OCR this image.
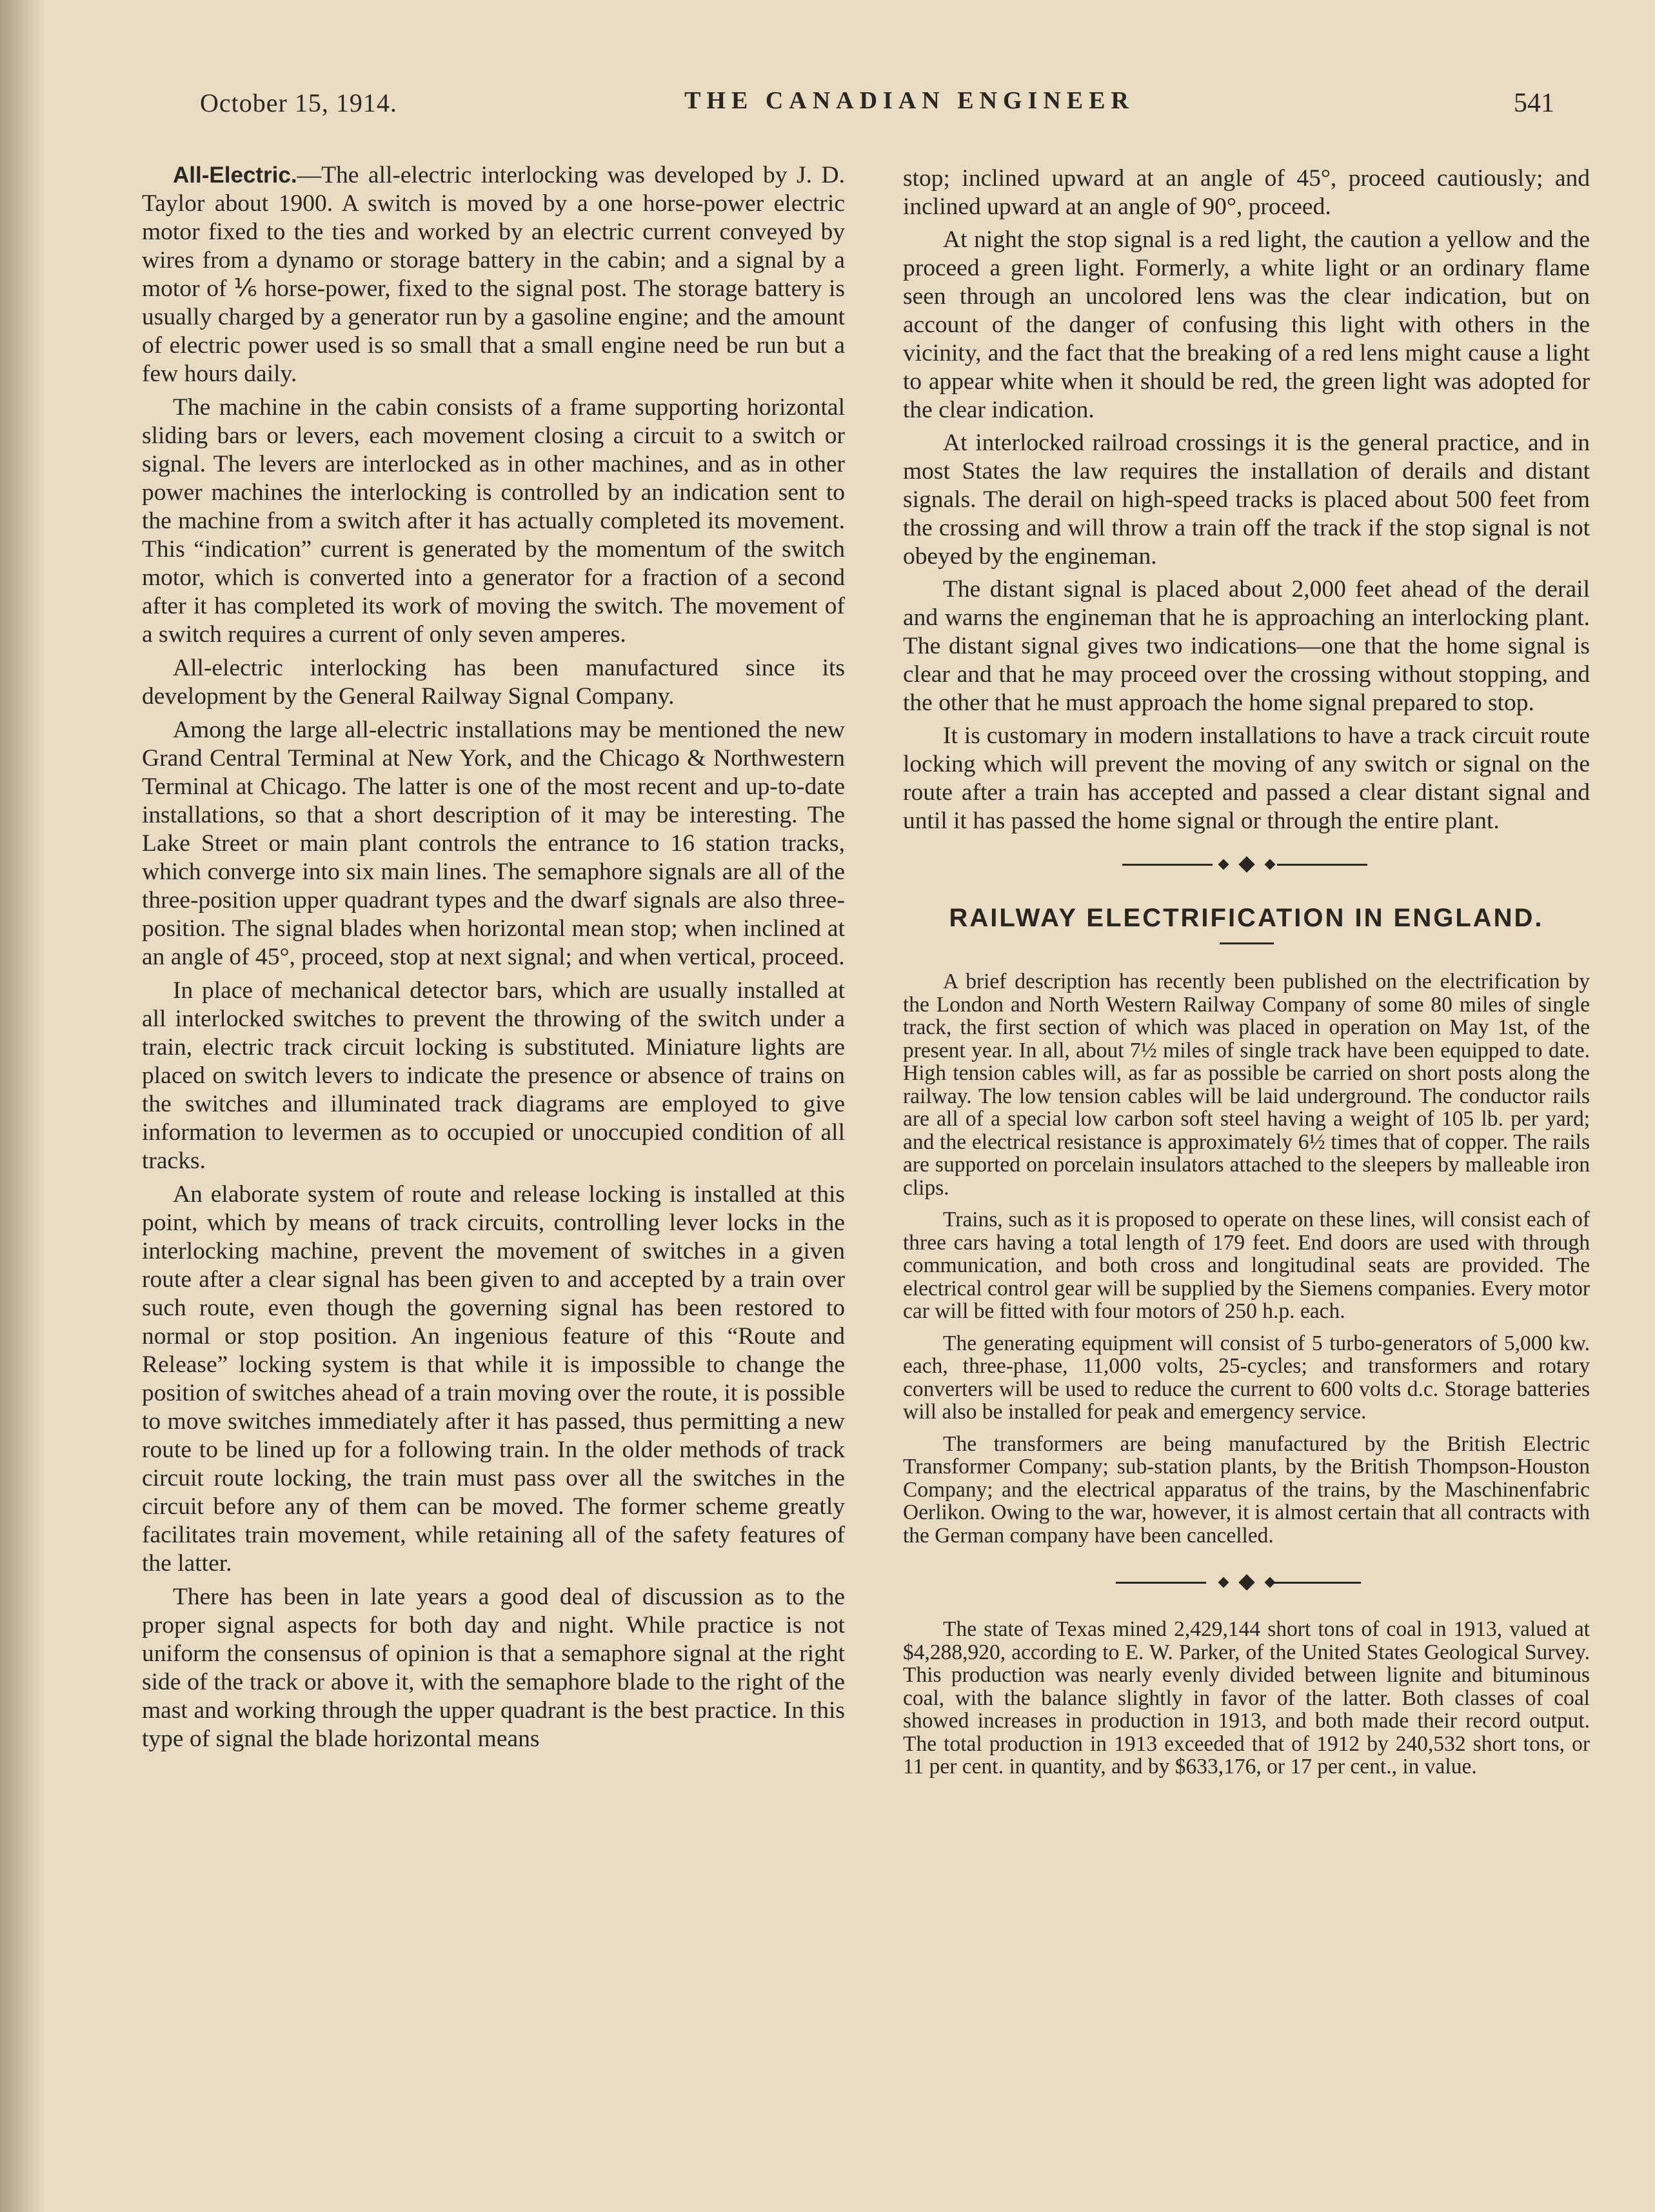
October 15, 1914.	THE CANADIAN ENGINEER	541

All-Electric.—The all-electric interlocking was developed by J. D. Taylor about 1900. A switch is moved by a one horse-power electric motor fixed to the ties and worked by an electric current conveyed by wires from a dynamo or storage battery in the cabin; and a signal by a motor of ⅙ horse-power, fixed to the signal post. The storage battery is usually charged by a generator run by a gasoline engine; and the amount of electric power used is so small that a small engine need be run but a few hours daily.

The machine in the cabin consists of a frame supporting horizontal sliding bars or levers, each movement closing a circuit to a switch or signal. The levers are interlocked as in other machines, and as in other power machines the interlocking is controlled by an indication sent to the machine from a switch after it has actually completed its movement. This “indication” current is generated by the momentum of the switch motor, which is converted into a generator for a fraction of a second after it has completed its work of moving the switch. The movement of a switch requires a current of only seven amperes.

All-electric interlocking has been manufactured since its development by the General Railway Signal Company.

Among the large all-electric installations may be mentioned the new Grand Central Terminal at New York, and the Chicago & Northwestern Terminal at Chicago. The latter is one of the most recent and up-to-date installations, so that a short description of it may be interesting. The Lake Street or main plant controls the entrance to 16 station tracks, which converge into six main lines. The semaphore signals are all of the three-position upper quadrant types and the dwarf signals are also three-position. The signal blades when horizontal mean stop; when inclined at an angle of 45°, proceed, stop at next signal; and when vertical, proceed.

In place of mechanical detector bars, which are usually installed at all interlocked switches to prevent the throwing of the switch under a train, electric track circuit locking is substituted. Miniature lights are placed on switch levers to indicate the presence or absence of trains on the switches and illuminated track diagrams are employed to give information to levermen as to occupied or unoccupied condition of all tracks.

An elaborate system of route and release locking is installed at this point, which by means of track circuits, controlling lever locks in the interlocking machine, prevent the movement of switches in a given route after a clear signal has been given to and accepted by a train over such route, even though the governing signal has been restored to normal or stop position. An ingenious feature of this “Route and Release” locking system is that while it is impossible to change the position of switches ahead of a train moving over the route, it is possible to move switches immediately after it has passed, thus permitting a new route to be lined up for a following train. In the older methods of track circuit route locking, the train must pass over all the switches in the circuit before any of them can be moved. The former scheme greatly facilitates train movement, while retaining all of the safety features of the latter.

There has been in late years a good deal of discussion as to the proper signal aspects for both day and night. While practice is not uniform the consensus of opinion is that a semaphore signal at the right side of the track or above it, with the semaphore blade to the right of the mast and working through the upper quadrant is the best practice. In this type of signal the blade horizontal means

stop; inclined upward at an angle of 45°, proceed cautiously; and inclined upward at an angle of 90°, proceed.

At night the stop signal is a red light, the caution a yellow and the proceed a green light. Formerly, a white light or an ordinary flame seen through an uncolored lens was the clear indication, but on account of the danger of confusing this light with others in the vicinity, and the fact that the breaking of a red lens might cause a light to appear white when it should be red, the green light was adopted for the clear indication.

At interlocked railroad crossings it is the general practice, and in most States the law requires the installation of derails and distant signals. The derail on high-speed tracks is placed about 500 feet from the crossing and will throw a train off the track if the stop signal is not obeyed by the engineman.

The distant signal is placed about 2,000 feet ahead of the derail and warns the engineman that he is approaching an interlocking plant. The distant signal gives two indications—one that the home signal is clear and that he may proceed over the crossing without stopping, and the other that he must approach the home signal prepared to stop.

It is customary in modern installations to have a track circuit route locking which will prevent the moving of any switch or signal on the route after a train has accepted and passed a clear distant signal and until it has passed the home signal or through the entire plant.

RAILWAY ELECTRIFICATION IN ENGLAND.

A brief description has recently been published on the electrification by the London and North Western Railway Company of some 80 miles of single track, the first section of which was placed in operation on May 1st, of the present year. In all, about 7½ miles of single track have been equipped to date. High tension cables will, as far as possible be carried on short posts along the railway. The low tension cables will be laid underground. The conductor rails are all of a special low carbon soft steel having a weight of 105 lb. per yard; and the electrical resistance is approximately 6½ times that of copper. The rails are supported on porcelain insulators attached to the sleepers by malleable iron clips.

Trains, such as it is proposed to operate on these lines, will consist each of three cars having a total length of 179 feet. End doors are used with through communication, and both cross and longitudinal seats are provided. The electrical control gear will be supplied by the Siemens companies. Every motor car will be fitted with four motors of 250 h.p. each.

The generating equipment will consist of 5 turbo-generators of 5,000 kw. each, three-phase, 11,000 volts, 25-cycles; and transformers and rotary converters will be used to reduce the current to 600 volts d.c. Storage batteries will also be installed for peak and emergency service.

The transformers are being manufactured by the British Electric Transformer Company; sub-station plants, by the British Thompson-Houston Company; and the electrical apparatus of the trains, by the Maschinenfabric Oerlikon. Owing to the war, however, it is almost certain that all contracts with the German company have been cancelled.

The state of Texas mined 2,429,144 short tons of coal in 1913, valued at $4,288,920, according to E. W. Parker, of the United States Geological Survey. This production was nearly evenly divided between lignite and bituminous coal, with the balance slightly in favor of the latter. Both classes of coal showed increases in production in 1913, and both made their record output. The total production in 1913 exceeded that of 1912 by 240,532 short tons, or 11 per cent. in quantity, and by $633,176, or 17 per cent., in value.
